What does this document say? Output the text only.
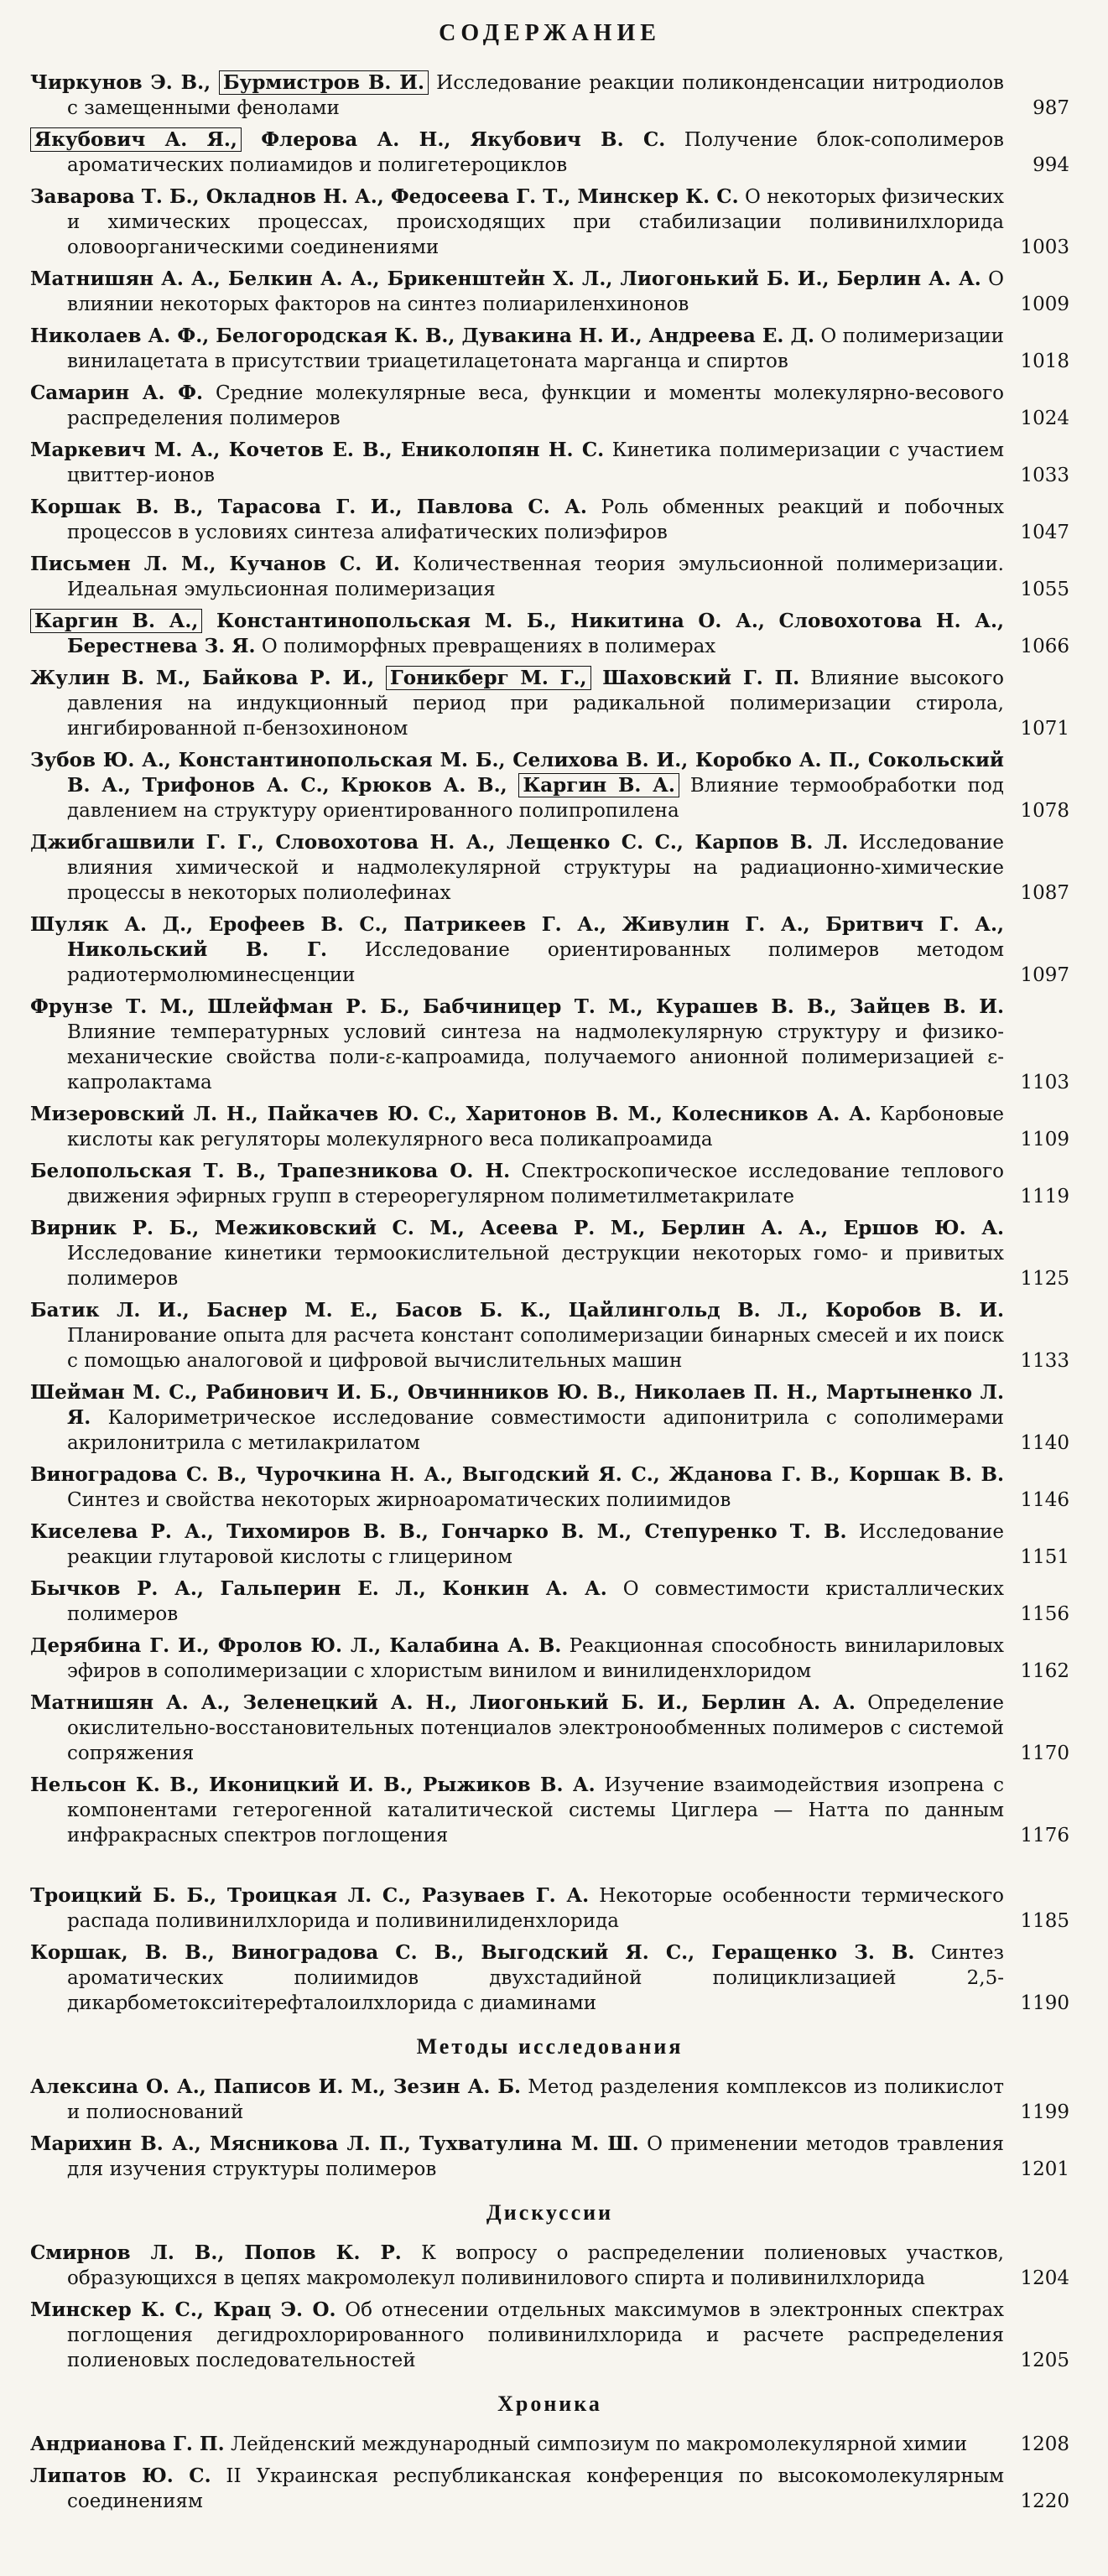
СОДЕРЖАНИЕ
Чиркунов Э. В., Бурмистров В. И. Исследование реакции поликонденсации нитродиолов с замещенными фенолами	987
Якубович А. Я., Флерова А. Н., Якубович В. С. Получение блок-сополимеров ароматических полиамидов и полигетероциклов	994
Заварова Т. Б., Окладнов Н. А., Федосеева Г. Т., Минскер К. С. О некоторых физических и химических процессах, происходящих при стабилизации поливинилхлорида оловоорганическими соединениями	1003
Матнишян А. А., Белкин А. А., Брикенштейн Х. Л., Лиогонький Б. И., Берлин А. А. О влиянии некоторых факторов на синтез полиариленхинонов	1009
Николаев А. Ф., Белогородская К. В., Дувакина Н. И., Андреева Е. Д. О полимеризации винилацетата в присутствии триацетилацетоната марганца и спиртов	1018
Самарин А. Ф. Средние молекулярные веса, функции и моменты молекулярно-весового распределения полимеров	1024
Маркевич М. А., Кочетов Е. В., Ениколопян Н. С. Кинетика полимеризации с участием цвиттер-ионов	1033
Коршак В. В., Тарасова Г. И., Павлова С. А. Роль обменных реакций и побочных процессов в условиях синтеза алифатических полиэфиров	1047
Письмен Л. М., Кучанов С. И. Количественная теория эмульсионной полимеризации. Идеальная эмульсионная полимеризация	1055
Каргин В. А., Константинопольская М. Б., Никитина О. А., Словохотова Н. А., Берестнева З. Я. О полиморфных превращениях в полимерах	1066
Жулин В. М., Байкова Р. И., Гоникберг М. Г., Шаховский Г. П. Влияние высокого давления на индукционный период при радикальной полимеризации стирола, ингибированной п-бензохиноном	1071
Зубов Ю. А., Константинопольская М. Б., Селихова В. И., Коробко А. П., Сокольский В. А., Трифонов А. С., Крюков А. В., Каргин В. А. Влияние термообработки под давлением на структуру ориентированного полипропилена	1078
Джибгашвили Г. Г., Словохотова Н. А., Лещенко С. С., Карпов В. Л. Исследование влияния химической и надмолекулярной структуры на радиационно-химические процессы в некоторых полиолефинах	1087
Шуляк А. Д., Ерофеев В. С., Патрикеев Г. А., Живулин Г. А., Бритвич Г. А., Никольский В. Г. Исследование ориентированных полимеров методом радиотермолюминесценции	1097
Фрунзе Т. М., Шлейфман Р. Б., Бабчиницер Т. М., Курашев В. В., Зайцев В. И. Влияние температурных условий синтеза на надмолекулярную структуру и физико-механические свойства поли-ε-капроамида, получаемого анионной полимеризацией ε-капролактама	1103
Мизеровский Л. Н., Пайкачев Ю. С., Харитонов В. М., Колесников А. А. Карбоновые кислоты как регуляторы молекулярного веса поликапроамида	1109
Белопольская Т. В., Трапезникова О. Н. Спектроскопическое исследование теплового движения эфирных групп в стереорегулярном полиметилметакрилате	1119
Вирник Р. Б., Межиковский С. М., Асеева Р. М., Берлин А. А., Ершов Ю. А. Исследование кинетики термоокислительной деструкции некоторых гомо- и привитых полимеров	1125
Батик Л. И., Баснер М. Е., Басов Б. К., Цайлингольд В. Л., Коробов В. И. Планирование опыта для расчета констант сополимеризации бинарных смесей и их поиск с помощью аналоговой и цифровой вычислительных машин	1133
Шейман М. С., Рабинович И. Б., Овчинников Ю. В., Николаев П. Н., Мартыненко Л. Я. Калориметрическое исследование совместимости адипонитрила с сополимерами акрилонитрила с метилакрилатом	1140
Виноградова С. В., Чурочкина Н. А., Выгодский Я. С., Жданова Г. В., Коршак В. В. Синтез и свойства некоторых жирноароматических полиимидов	1146
Киселева Р. А., Тихомиров В. В., Гончарко В. М., Степуренко Т. В. Исследование реакции глутаровой кислоты с глицерином	1151
Бычков Р. А., Гальперин Е. Л., Конкин А. А. О совместимости кристаллических полимеров	1156
Дерябина Г. И., Фролов Ю. Л., Калабина А. В. Реакционная способность виниларилoвых эфиров в сополимеризации с хлористым винилом и винилиденхлоридом	1162
Матнишян А. А., Зеленецкий А. Н., Лиогонький Б. И., Берлин А. А. Определение окислительно-восстановительных потенциалов электронообменных полимеров с системой сопряжения	1170
Нельсон К. В., Иконицкий И. В., Рыжиков В. А. Изучение взаимодействия изопрена с компонентами гетерогенной каталитической системы Циглера — Натта по данным инфракрасных спектров поглощения	1176
Троицкий Б. Б., Троицкая Л. С., Разуваев Г. А. Некоторые особенности термического распада поливинилхлорида и поливинилиденхлорида	1185
Коршак, В. В., Виноградова С. В., Выгодский Я. С., Геращенко З. В. Синтез ароматических полиимидов двухстадийной полициклизацией 2,5-дикарбометоксиiтерефталоилхлорида с диаминами	1190
Методы исследования
Алексина О. А., Паписов И. М., Зезин А. Б. Метод разделения комплексов из поликислот и полиоснований	1199
Марихин В. А., Мясникова Л. П., Тухватулина М. Ш. О применении методов травления для изучения структуры полимеров	1201
Дискуссии
Смирнов Л. В., Попов К. Р. К вопросу о распределении полиеновых участков, образующихся в цепях макромолекул поливинилового спирта и поливинилхлорида	1204
Минскер К. С., Крац Э. О. Об отнесении отдельных максимумов в электронных спектрах поглощения дегидрохлорированного поливинилхлорида и расчете распределения полиеновых последовательностей	1205
Хроника
Андрианова Г. П. Лейденский международный симпозиум по макромолекулярной химии	1208
Липатов Ю. С. II Украинская республиканская конференция по высокомолекулярным соединениям	1220
